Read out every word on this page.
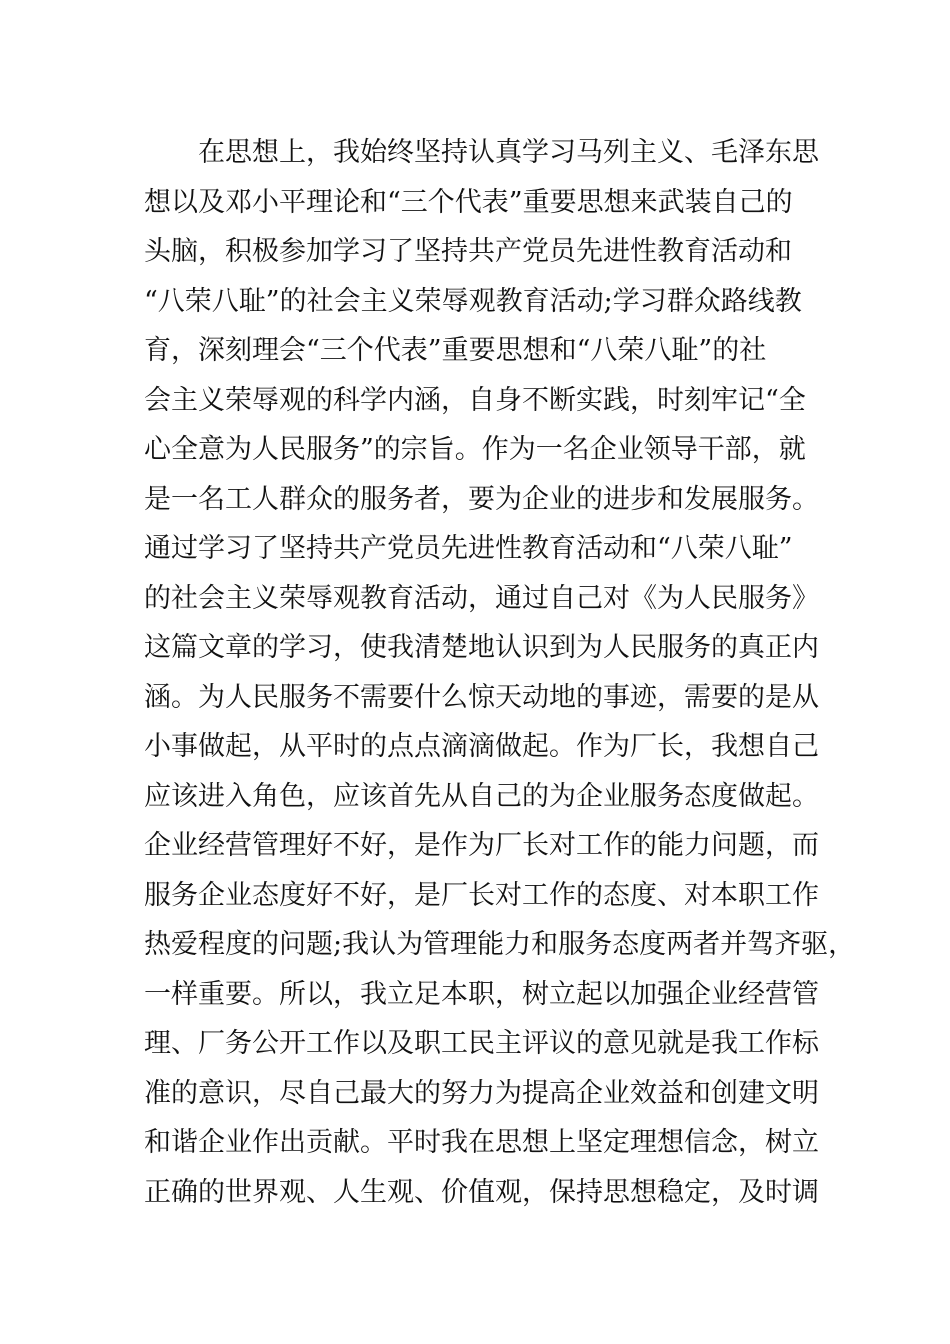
在思想上，我始终坚持认真学习马列主义、毛泽东思
想以及邓小平理论和“三个代表”重要思想来武装自己的
头脑，积极参加学习了坚持共产党员先进性教育活动和
“八荣八耻”的社会主义荣辱观教育活动;学习群众路线教
育，深刻理会“三个代表”重要思想和“八荣八耻”的社
会主义荣辱观的科学内涵，自身不断实践，时刻牢记“全
心全意为人民服务”的宗旨。作为一名企业领导干部，就
是一名工人群众的服务者，要为企业的进步和发展服务。
通过学习了坚持共产党员先进性教育活动和“八荣八耻”
的社会主义荣辱观教育活动，通过自己对《为人民服务》
这篇文章的学习，使我清楚地认识到为人民服务的真正内
涵。为人民服务不需要什么惊天动地的事迹，需要的是从
小事做起，从平时的点点滴滴做起。作为厂长，我想自己
应该进入角色，应该首先从自己的为企业服务态度做起。
企业经营管理好不好，是作为厂长对工作的能力问题，而
服务企业态度好不好，是厂长对工作的态度、对本职工作
热爱程度的问题;我认为管理能力和服务态度两者并驾齐驱，
一样重要。所以，我立足本职，树立起以加强企业经营管
理、厂务公开工作以及职工民主评议的意见就是我工作标
准的意识，尽自己最大的努力为提高企业效益和创建文明
和谐企业作出贡献。平时我在思想上坚定理想信念，树立
正确的世界观、人生观、价值观，保持思想稳定，及时调
